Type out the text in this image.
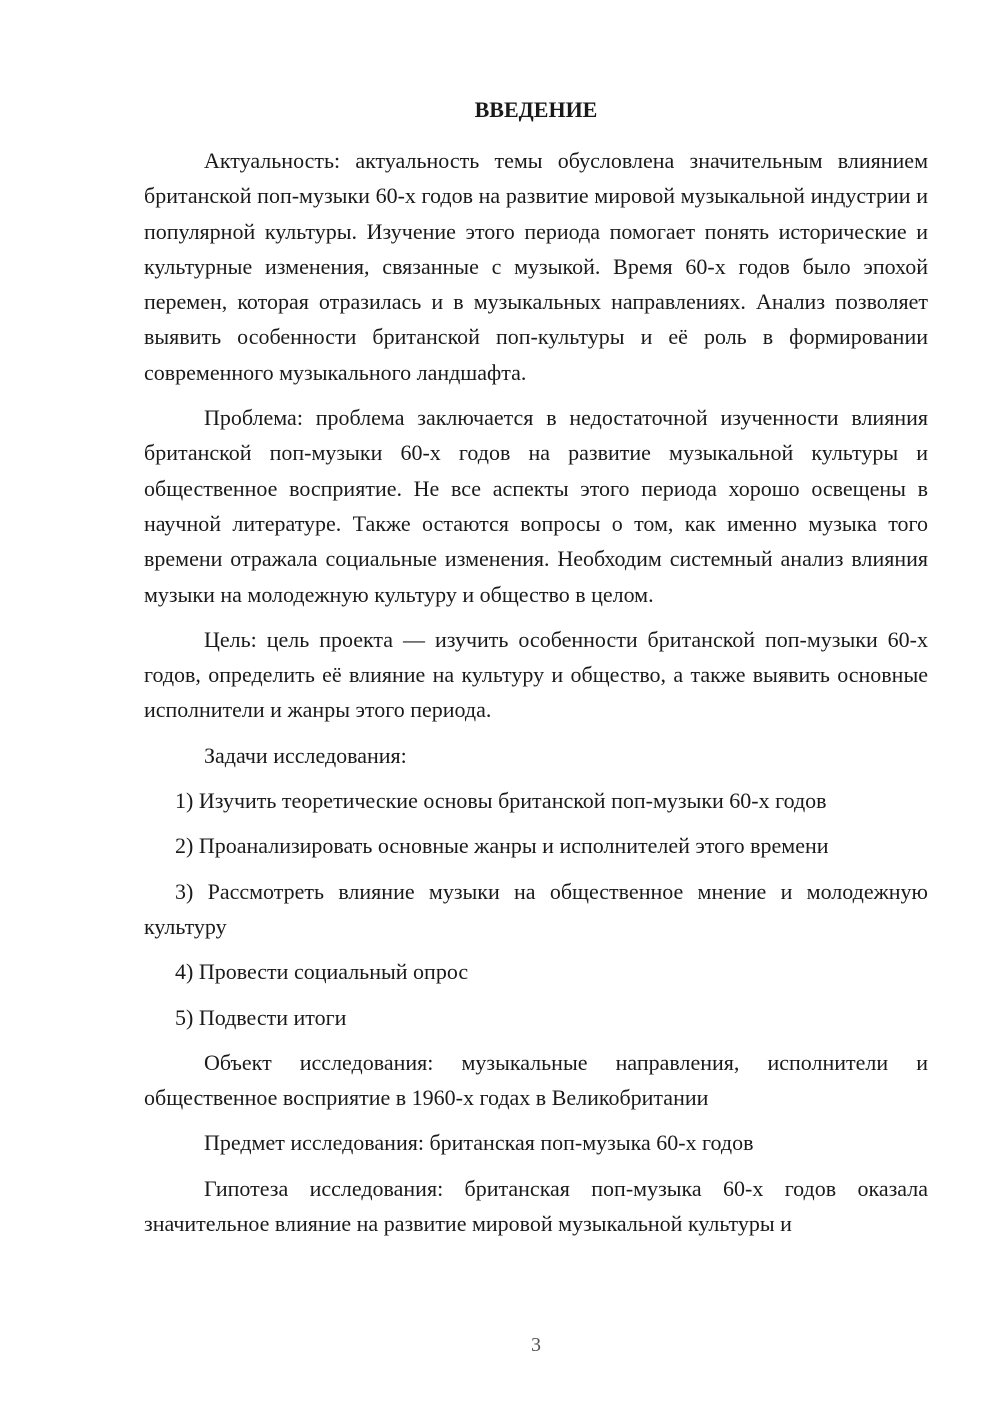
ВВЕДЕНИЕ

Актуальность: актуальность темы обусловлена значительным влиянием британской поп-музыки 60-х годов на развитие мировой музыкальной индустрии и популярной культуры. Изучение этого периода помогает понять исторические и культурные изменения, связанные с музыкой. Время 60-х годов было эпохой перемен, которая отразилась и в музыкальных направлениях. Анализ позволяет выявить особенности британской поп-культуры и её роль в формировании современного музыкального ландшафта.

Проблема: проблема заключается в недостаточной изученности влияния британской поп-музыки 60-х годов на развитие музыкальной культуры и общественное восприятие. Не все аспекты этого периода хорошо освещены в научной литературе. Также остаются вопросы о том, как именно музыка того времени отражала социальные изменения. Необходим системный анализ влияния музыки на молодежную культуру и общество в целом.

Цель: цель проекта — изучить особенности британской поп-музыки 60-х годов, определить её влияние на культуру и общество, а также выявить основные исполнители и жанры этого периода.

Задачи исследования:

1) Изучить теоретические основы британской поп-музыки 60-х годов

2) Проанализировать основные жанры и исполнителей этого времени

3) Рассмотреть влияние музыки на общественное мнение и молодежную культуру

4) Провести социальный опрос

5) Подвести итоги

Объект исследования: музыкальные направления, исполнители и общественное восприятие в 1960-х годах в Великобритании

Предмет исследования: британская поп-музыка 60-х годов

Гипотеза исследования: британская поп-музыка 60-х годов оказала значительное влияние на развитие мировой музыкальной культуры и

3
